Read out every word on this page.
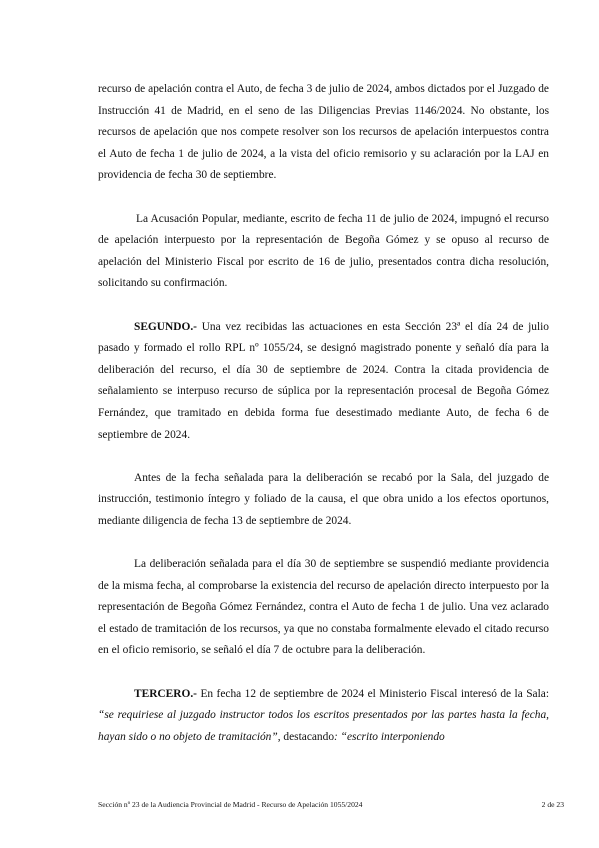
recurso de apelación contra el Auto, de fecha 3 de julio de 2024, ambos dictados por el Juzgado de Instrucción 41 de Madrid, en el seno de las Diligencias Previas 1146/2024. No obstante, los recursos de apelación que nos compete resolver son los recursos de apelación interpuestos contra el Auto de fecha 1 de julio de 2024, a la vista del oficio remisorio y su aclaración por la LAJ en providencia de fecha 30 de septiembre.

La Acusación Popular, mediante, escrito de fecha 11 de julio de 2024, impugnó el recurso de apelación interpuesto por la representación de Begoña Gómez y se opuso al recurso de apelación del Ministerio Fiscal por escrito de 16 de julio, presentados contra dicha resolución, solicitando su confirmación.

SEGUNDO.- Una vez recibidas las actuaciones en esta Sección 23ª el día 24 de julio pasado y formado el rollo RPL nº 1055/24, se designó magistrado ponente y señaló día para la deliberación del recurso, el día 30 de septiembre de 2024. Contra la citada providencia de señalamiento se interpuso recurso de súplica por la representación procesal de Begoña Gómez Fernández, que tramitado en debida forma fue desestimado mediante Auto, de fecha 6 de septiembre de 2024.

Antes de la fecha señalada para la deliberación se recabó por la Sala, del juzgado de instrucción, testimonio íntegro y foliado de la causa, el que obra unido a los efectos oportunos, mediante diligencia de fecha 13 de septiembre de 2024.

La deliberación señalada para el día 30 de septiembre se suspendió mediante providencia de la misma fecha, al comprobarse la existencia del recurso de apelación directo interpuesto por la representación de Begoña Gómez Fernández, contra el Auto de fecha 1 de julio. Una vez aclarado el estado de tramitación de los recursos, ya que no constaba formalmente elevado el citado recurso en el oficio remisorio, se señaló el día 7 de octubre para la deliberación.

TERCERO.- En fecha 12 de septiembre de 2024 el Ministerio Fiscal interesó de la Sala: “se requiriese al juzgado instructor todos los escritos presentados por las partes hasta la fecha, hayan sido o no objeto de tramitación”, destacando: “escrito interponiendo

Sección nº 23 de la Audiencia Provincial de Madrid - Recurso de Apelación 1055/2024	2 de 23
